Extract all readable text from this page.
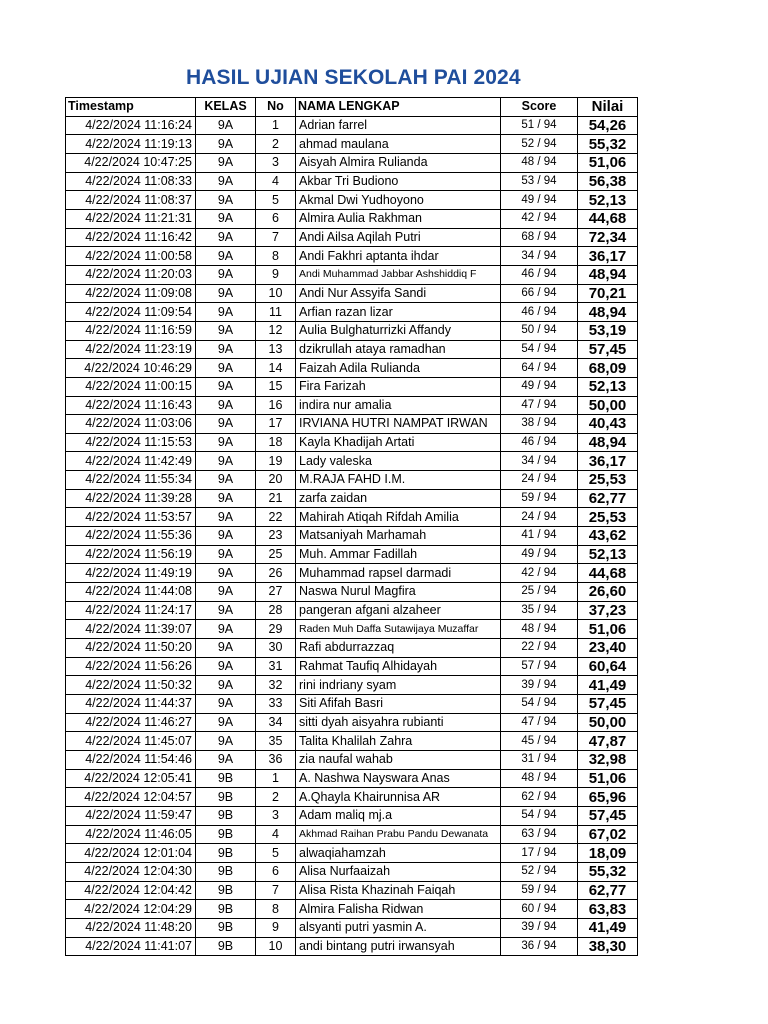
HASIL UJIAN SEKOLAH PAI 2024
Timestamp	KELAS	No	NAMA LENGKAP	Score	Nilai
4/22/2024 11:16:24	9A	1	Adrian farrel	51 / 94	54,26
4/22/2024 11:19:13	9A	2	ahmad maulana	52 / 94	55,32
4/22/2024 10:47:25	9A	3	Aisyah Almira Rulianda	48 / 94	51,06
4/22/2024 11:08:33	9A	4	Akbar Tri Budiono	53 / 94	56,38
4/22/2024 11:08:37	9A	5	Akmal Dwi Yudhoyono	49 / 94	52,13
4/22/2024 11:21:31	9A	6	Almira Aulia Rakhman	42 / 94	44,68
4/22/2024 11:16:42	9A	7	Andi Ailsa Aqilah Putri	68 / 94	72,34
4/22/2024 11:00:58	9A	8	Andi Fakhri aptanta ihdar	34 / 94	36,17
4/22/2024 11:20:03	9A	9	Andi Muhammad Jabbar Ashshiddiq F	46 / 94	48,94
4/22/2024 11:09:08	9A	10	Andi Nur Assyifa Sandi	66 / 94	70,21
4/22/2024 11:09:54	9A	11	Arfian razan lizar	46 / 94	48,94
4/22/2024 11:16:59	9A	12	Aulia Bulghaturrizki Affandy	50 / 94	53,19
4/22/2024 11:23:19	9A	13	dzikrullah ataya ramadhan	54 / 94	57,45
4/22/2024 10:46:29	9A	14	Faizah Adila Rulianda	64 / 94	68,09
4/22/2024 11:00:15	9A	15	Fira Farizah	49 / 94	52,13
4/22/2024 11:16:43	9A	16	indira nur amalia	47 / 94	50,00
4/22/2024 11:03:06	9A	17	IRVIANA HUTRI NAMPAT IRWAN	38 / 94	40,43
4/22/2024 11:15:53	9A	18	Kayla Khadijah Artati	46 / 94	48,94
4/22/2024 11:42:49	9A	19	Lady valeska	34 / 94	36,17
4/22/2024 11:55:34	9A	20	M.RAJA FAHD I.M.	24 / 94	25,53
4/22/2024 11:39:28	9A	21	zarfa zaidan	59 / 94	62,77
4/22/2024 11:53:57	9A	22	Mahirah Atiqah Rifdah Amilia	24 / 94	25,53
4/22/2024 11:55:36	9A	23	Matsaniyah Marhamah	41 / 94	43,62
4/22/2024 11:56:19	9A	25	Muh. Ammar Fadillah	49 / 94	52,13
4/22/2024 11:49:19	9A	26	Muhammad rapsel darmadi	42 / 94	44,68
4/22/2024 11:44:08	9A	27	Naswa Nurul Magfira	25 / 94	26,60
4/22/2024 11:24:17	9A	28	pangeran afgani alzaheer	35 / 94	37,23
4/22/2024 11:39:07	9A	29	Raden Muh Daffa Sutawijaya Muzaffar	48 / 94	51,06
4/22/2024 11:50:20	9A	30	Rafi abdurrazzaq	22 / 94	23,40
4/22/2024 11:56:26	9A	31	Rahmat Taufiq Alhidayah	57 / 94	60,64
4/22/2024 11:50:32	9A	32	rini indriany syam	39 / 94	41,49
4/22/2024 11:44:37	9A	33	Siti Afifah Basri	54 / 94	57,45
4/22/2024 11:46:27	9A	34	sitti dyah aisyahra rubianti	47 / 94	50,00
4/22/2024 11:45:07	9A	35	Talita Khalilah Zahra	45 / 94	47,87
4/22/2024 11:54:46	9A	36	zia naufal wahab	31 / 94	32,98
4/22/2024 12:05:41	9B	1	A. Nashwa Nayswara Anas	48 / 94	51,06
4/22/2024 12:04:57	9B	2	A.Qhayla Khairunnisa AR	62 / 94	65,96
4/22/2024 11:59:47	9B	3	Adam maliq mj.a	54 / 94	57,45
4/22/2024 11:46:05	9B	4	Akhmad Raihan Prabu Pandu Dewanata	63 / 94	67,02
4/22/2024 12:01:04	9B	5	alwaqiahamzah	17 / 94	18,09
4/22/2024 12:04:30	9B	6	Alisa Nurfaaizah	52 / 94	55,32
4/22/2024 12:04:42	9B	7	Alisa Rista Khazinah Faiqah	59 / 94	62,77
4/22/2024 12:04:29	9B	8	Almira Falisha Ridwan	60 / 94	63,83
4/22/2024 11:48:20	9B	9	alsyanti putri yasmin A.	39 / 94	41,49
4/22/2024 11:41:07	9B	10	andi bintang putri irwansyah	36 / 94	38,30
